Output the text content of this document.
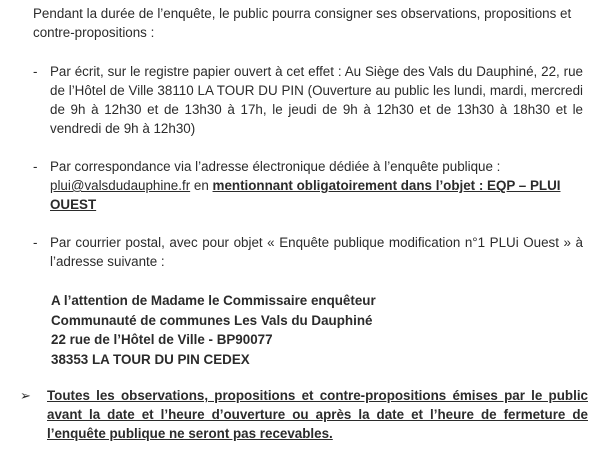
Pendant la durée de l’enquête, le public pourra consigner ses observations, propositions et contre-propositions :

- Par écrit, sur le registre papier ouvert à cet effet : Au Siège des Vals du Dauphiné, 22, rue de l’Hôtel de Ville 38110 LA TOUR DU PIN (Ouverture au public les lundi, mardi, mercredi de 9h à 12h30 et de 13h30 à 17h, le jeudi de 9h à 12h30 et de 13h30 à 18h30 et le vendredi de 9h à 12h30)
- Par correspondance via l’adresse électronique dédiée à l’enquête publique :
plui@valsdudauphine.fr en mentionnant obligatoirement dans l’objet : EQP – PLUI OUEST
- Par courrier postal, avec pour objet « Enquête publique modification n°1 PLUi Ouest » à l’adresse suivante :
A l’attention de Madame le Commissaire enquêteur
Communauté de communes Les Vals du Dauphiné
22 rue de l’Hôtel de Ville - BP90077
38353 LA TOUR DU PIN CEDEX
➢ Toutes les observations, propositions et contre-propositions émises par le public avant la date et l’heure d’ouverture ou après la date et l’heure de fermeture de l’enquête publique ne seront pas recevables.
